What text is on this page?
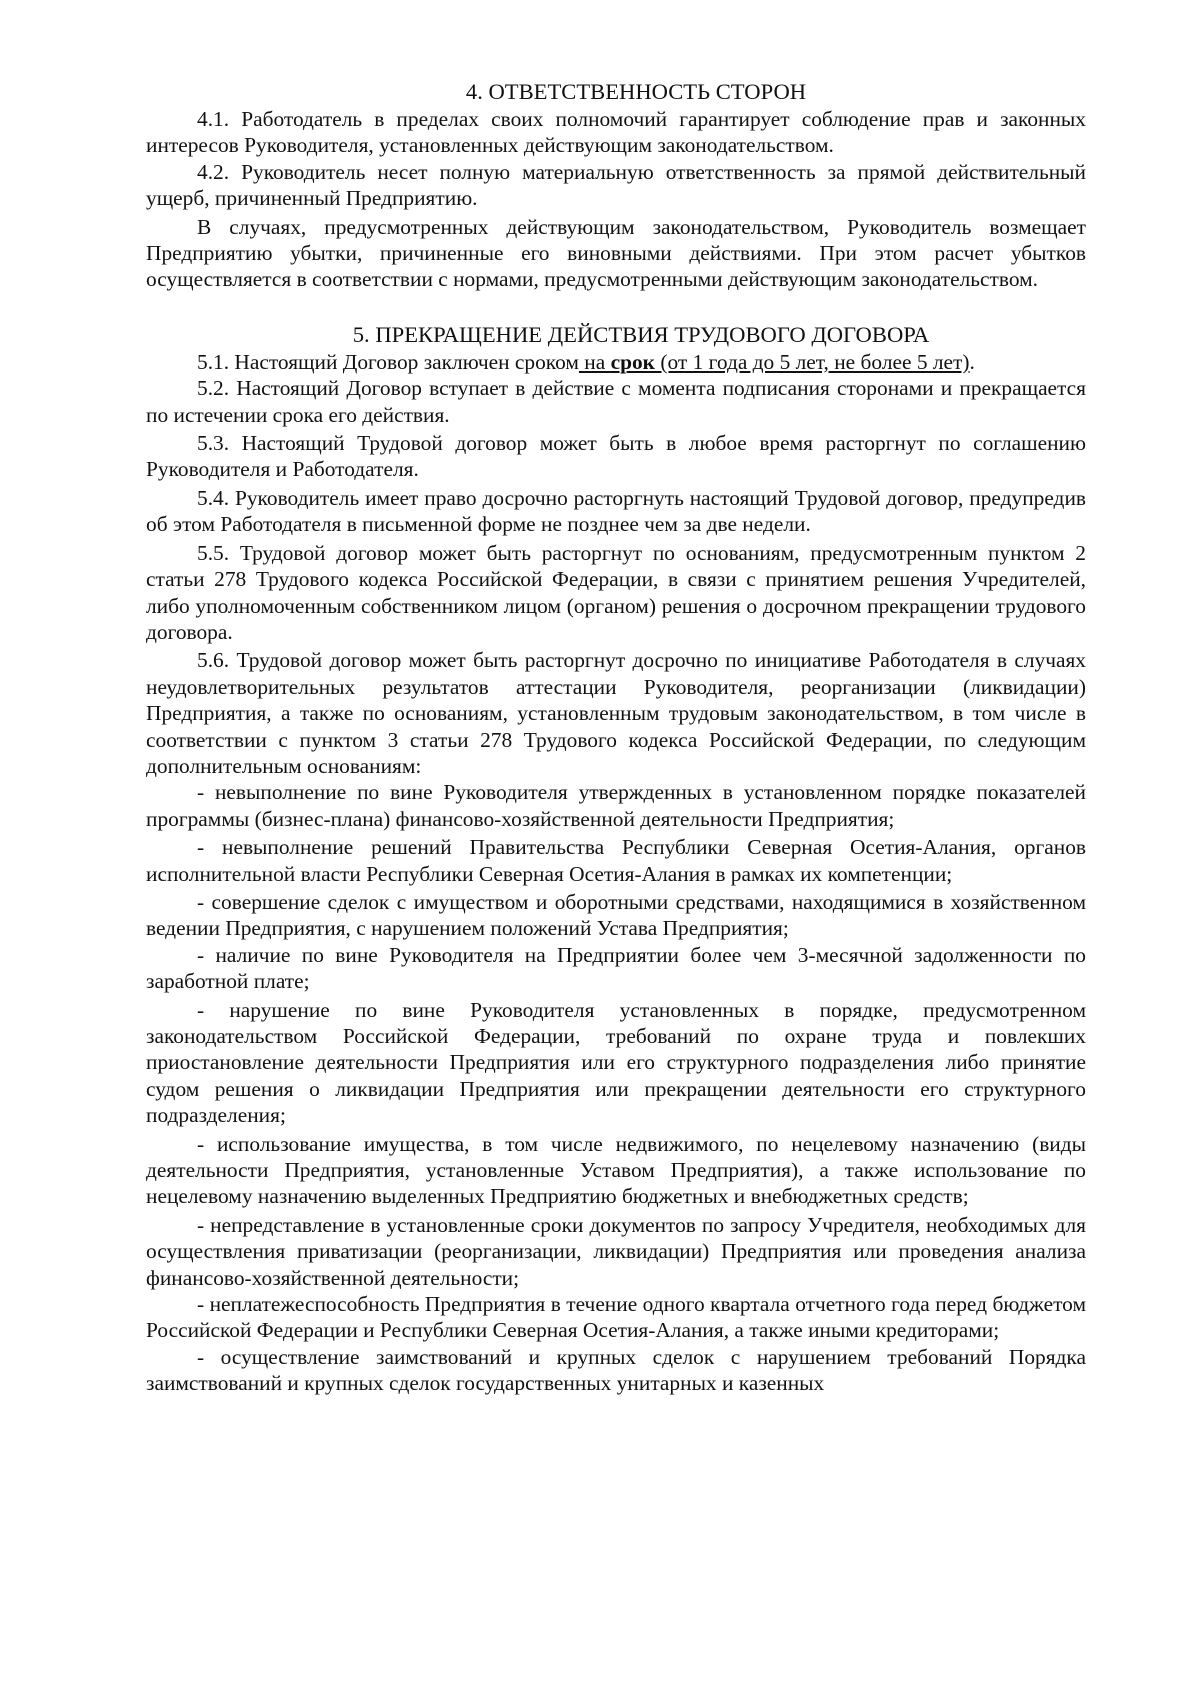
4. ОТВЕТСТВЕННОСТЬ СТОРОН

4.1. Работодатель в пределах своих полномочий гарантирует соблюдение прав и законных интересов Руководителя, установленных действующим законодательством.

4.2. Руководитель несет полную материальную ответственность за прямой действительный ущерб, причиненный Предприятию.

В случаях, предусмотренных действующим законодательством, Руководитель возмещает Предприятию убытки, причиненные его виновными действиями. При этом расчет убытков осуществляется в соответствии с нормами, предусмотренными действующим законодательством.

5. ПРЕКРАЩЕНИЕ ДЕЙСТВИЯ ТРУДОВОГО ДОГОВОРА

5.1. Настоящий Договор заключен сроком на срок (от 1 года до 5 лет, не более 5 лет).

5.2. Настоящий Договор вступает в действие с момента подписания сторонами и прекращается по истечении срока его действия.

5.3. Настоящий Трудовой договор может быть в любое время расторгнут по соглашению Руководителя и Работодателя.

5.4. Руководитель имеет право досрочно расторгнуть настоящий Трудовой договор, предупредив об этом Работодателя в письменной форме не позднее чем за две недели.

5.5. Трудовой договор может быть расторгнут по основаниям, предусмотренным пунктом 2 статьи 278 Трудового кодекса Российской Федерации, в связи с принятием решения Учредителей, либо уполномоченным собственником лицом (органом) решения о досрочном прекращении трудового договора.

5.6. Трудовой договор может быть расторгнут досрочно по инициативе Работодателя в случаях неудовлетворительных результатов аттестации Руководителя, реорганизации (ликвидации) Предприятия, а также по основаниям, установленным трудовым законодательством, в том числе в соответствии с пунктом 3 статьи 278 Трудового кодекса Российской Федерации, по следующим дополнительным основаниям:

- невыполнение по вине Руководителя утвержденных в установленном порядке показателей программы (бизнес-плана) финансово-хозяйственной деятельности Предприятия;

- невыполнение решений Правительства Республики Северная Осетия-Алания, органов исполнительной власти Республики Северная Осетия-Алания в рамках их компетенции;

- совершение сделок с имуществом и оборотными средствами, находящимися в хозяйственном ведении Предприятия, с нарушением положений Устава Предприятия;

- наличие по вине Руководителя на Предприятии более чем 3-месячной задолженности по заработной плате;

- нарушение по вине Руководителя установленных в порядке, предусмотренном законодательством Российской Федерации, требований по охране труда и повлекших приостановление деятельности Предприятия или его структурного подразделения либо принятие судом решения о ликвидации Предприятия или прекращении деятельности его структурного подразделения;

- использование имущества, в том числе недвижимого, по нецелевому назначению (виды деятельности Предприятия, установленные Уставом Предприятия), а также использование по нецелевому назначению выделенных Предприятию бюджетных и внебюджетных средств;

- непредставление в установленные сроки документов по запросу Учредителя, необходимых для осуществления приватизации (реорганизации, ликвидации) Предприятия или проведения анализа финансово-хозяйственной деятельности;

- неплатежеспособность Предприятия в течение одного квартала отчетного года перед бюджетом Российской Федерации и Республики Северная Осетия-Алания, а также иными кредиторами;

- осуществление заимствований и крупных сделок с нарушением требований Порядка заимствований и крупных сделок государственных унитарных и казенных
